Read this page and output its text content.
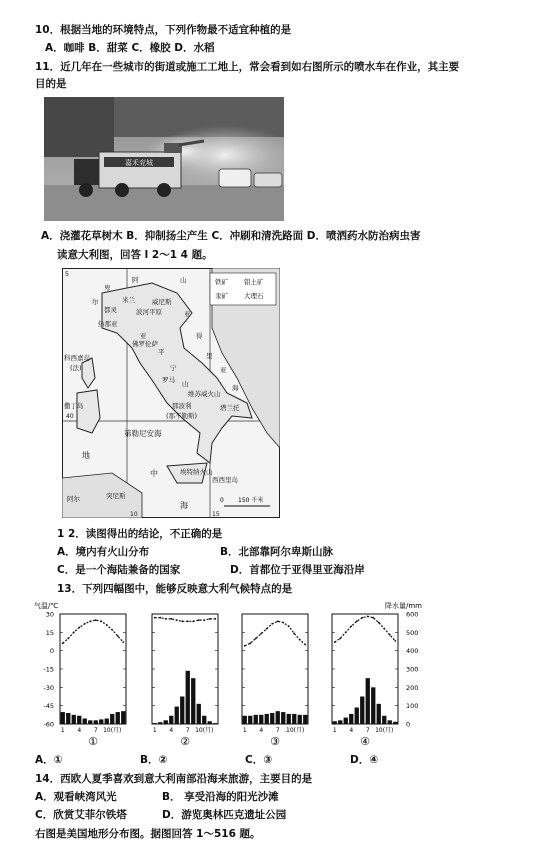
10．根据当地的环境特点，下列作物最不适宜种植的是
A．咖啡 B．甜菜 C．橡胶 D．水稻
11．近几年在一些城市的街道或施工工地上，常会看到如右图所示的喷水车在作业，其主要
目的是
嘉禾兖城
A．浇灌花草树木 B．抑制扬尘产生 C．冲刷和清洗路面 D．喷洒药水防治病虫害
读意大利图，回答 l 2～1 4 题。
铁矿 铝土矿
汞矿 大理石
阿	山
卑
尔	米兰
都灵
威尼斯
波河平原
热那亚
亚
得
里
亚
海
亚
平
宁
山
佛罗伦萨
罗马
科西嘉岛
(法)
撒丁岛
第勒尼安海
那波利
(那不勒斯)
维苏威火山
塔兰托
西西里岛
埃特纳火山
地
中
海
阿尔	突尼斯
40
5
10	15
0 150 千米
1 2．读图得出的结论，不正确的是
A．境内有火山分布	B．北部靠阿尔卑斯山脉
C．是一个海陆兼备的国家	D．首都位于亚得里亚海沿岸
13．下列四幅图中，能够反映意大利气候特点的是
气温/℃	降水量/mm
30
15
0
-15
-30
-45
-60
600
500
400
300
200
100
0
1 4 7 10(月)
①
1 4 7 10(月)
②
1 4 7 .10(月)
③
1 4 7 10(月)
④
A．①	B．②	C．③	D．④
14．西欧人夏季喜欢到意大利南部沿海来旅游，主要目的是
A．观看峡湾风光	B． 享受沿海的阳光沙滩
C．欣赏艾菲尔铁塔	D．游览奥林匹克遗址公园
右图是美国地形分布图。据图回答 1～516 题。
